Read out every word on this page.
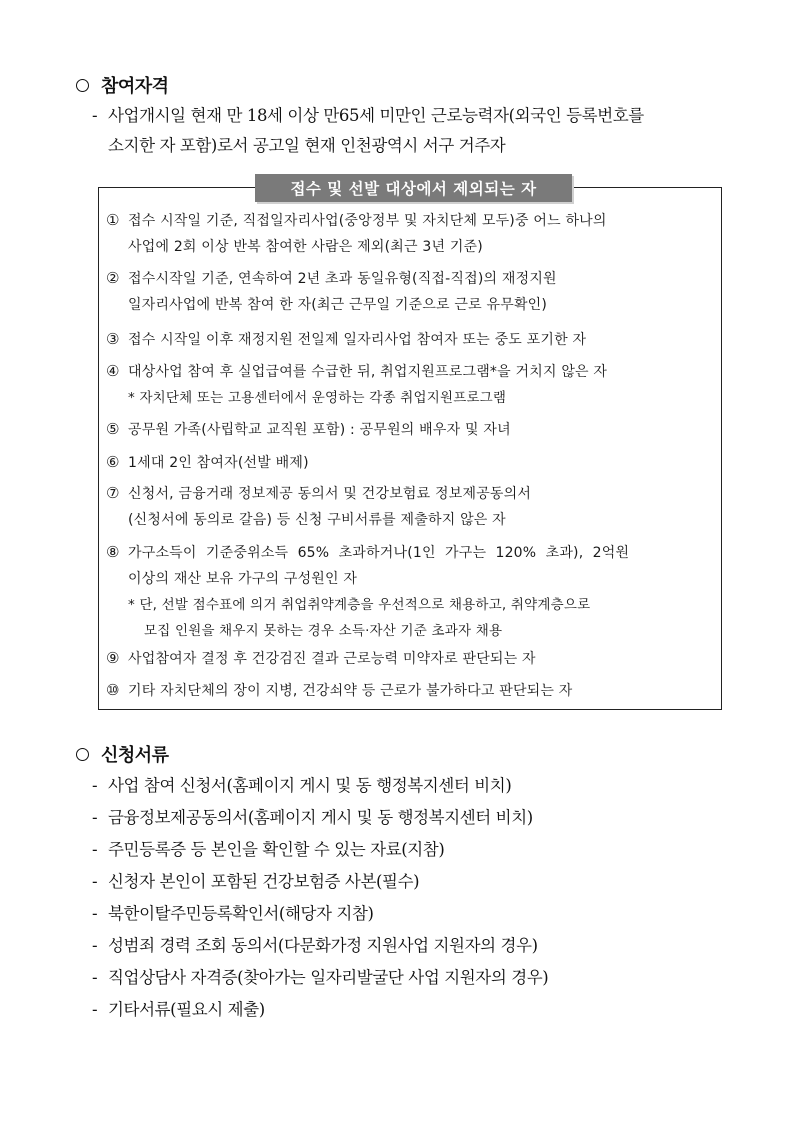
참여자격
- 사업개시일 현재 만 18세 이상 만65세 미만인 근로능력자(외국인 등록번호를
소지한 자 포함)로서 공고일 현재 인천광역시 서구 거주자
접수 및 선발 대상에서 제외되는 자
① 접수 시작일 기준, 직접일자리사업(중앙정부 및 자치단체 모두)중 어느 하나의
사업에 2회 이상 반복 참여한 사람은 제외(최근 3년 기준)
② 접수시작일 기준, 연속하여 2년 초과 동일유형(직접-직접)의 재정지원
일자리사업에 반복 참여 한 자(최근 근무일 기준으로 근로 유무확인)
③ 접수 시작일 이후 재정지원 전일제 일자리사업 참여자 또는 중도 포기한 자
④ 대상사업 참여 후 실업급여를 수급한 뒤, 취업지원프로그램*을 거치지 않은 자
* 자치단체 또는 고용센터에서 운영하는 각종 취업지원프로그램
⑤ 공무원 가족(사립학교 교직원 포함) : 공무원의 배우자 및 자녀
⑥ 1세대 2인 참여자(선발 배제)
⑦ 신청서, 금융거래 정보제공 동의서 및 건강보험료 정보제공동의서
(신청서에 동의로 갈음) 등 신청 구비서류를 제출하지 않은 자
⑧ 가구소득이  기준중위소득  65%  초과하거나(1인  가구는  120%  초과),  2억원
이상의 재산 보유 가구의 구성원인 자
* 단, 선발 점수표에 의거 취업취약계층을 우선적으로 채용하고, 취약계층으로
모집 인원을 채우지 못하는 경우 소득·자산 기준 초과자 채용
⑨ 사업참여자 결정 후 건강검진 결과 근로능력 미약자로 판단되는 자
⑩ 기타 자치단체의 장이 지병, 건강쇠약 등 근로가 불가하다고 판단되는 자
신청서류
- 사업 참여 신청서(홈페이지 게시 및 동 행정복지센터 비치)
- 금융정보제공동의서(홈페이지 게시 및 동 행정복지센터 비치)
- 주민등록증 등 본인을 확인할 수 있는 자료(지참)
- 신청자 본인이 포함된 건강보험증 사본(필수)
- 북한이탈주민등록확인서(해당자 지참)
- 성범죄 경력 조회 동의서(다문화가정 지원사업 지원자의 경우)
- 직업상담사 자격증(찾아가는 일자리발굴단 사업 지원자의 경우)
- 기타서류(필요시 제출)
